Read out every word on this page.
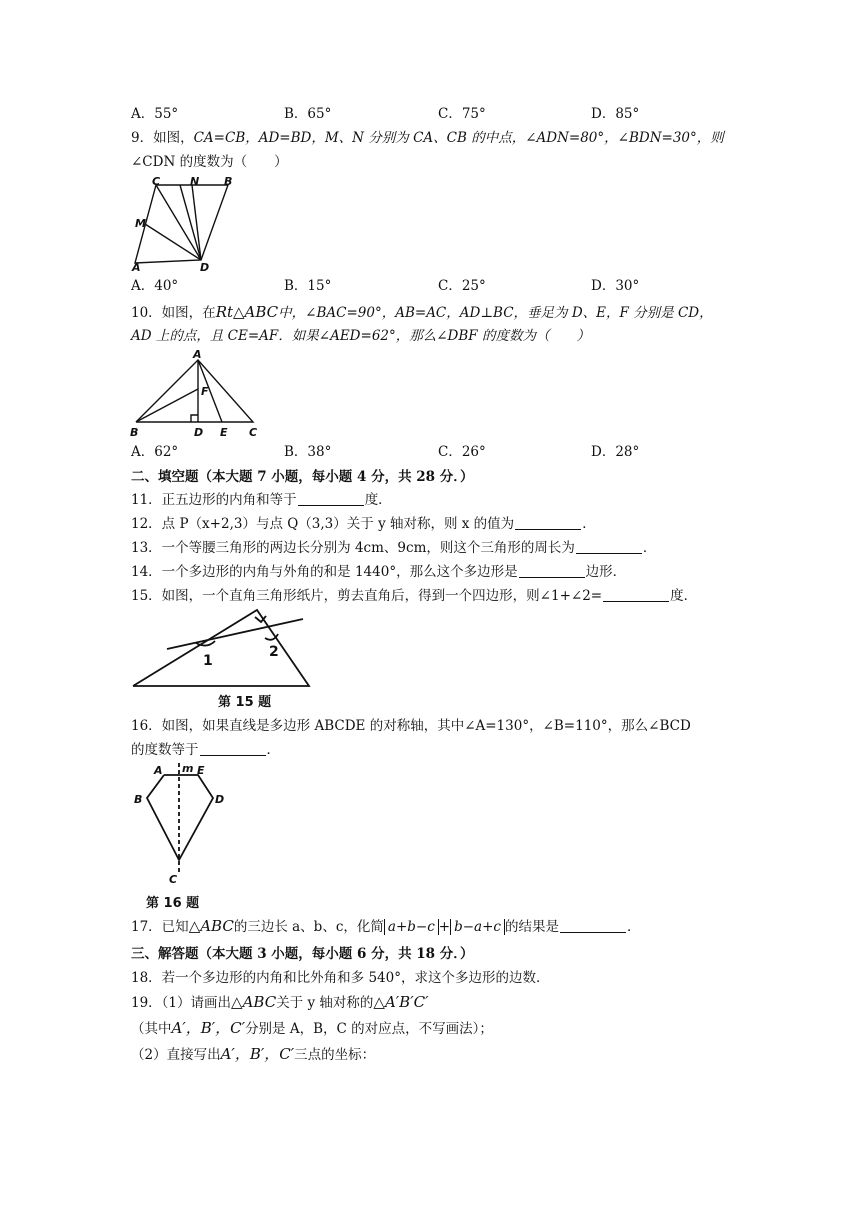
A．55°	B．65°	C．75°	D．85°
9．如图，CA=CB，AD=BD，M、N 分别为 CA、CB 的中点，∠ADN=80°，∠BDN=30°，则
∠CDN 的度数为（　　）
C	N B
M
A	D
A．40°	B．15°	C．25°	D．30°
10．如图，在Rt△ABC中，∠BAC=90°，AB=AC，AD⊥BC，垂足为 D、E，F 分别是 CD，
AD 上的点，且 CE=AF．如果∠AED=62°，那么∠DBF 的度数为（　　）
A
F
B	D E C
A．62°	B．38°	C．26°	D．28°
二、填空题（本大题 7 小题，每小题 4 分，共 28 分．）
11．正五边形的内角和等于	度．
12．点 P（x+2,3）与点 Q（3,3）关于 y 轴对称，则 x 的值为	．
13．一个等腰三角形的两边长分别为 4cm、9cm，则这个三角形的周长为	．
14．一个多边形的内角与外角的和是 1440°，那么这个多边形是	边形．
15．如图，一个直角三角形纸片，剪去直角后，得到一个四边形，则∠1+∠2=	度．
1
2
第 15 题
16．如图，如果直线是多边形 ABCDE 的对称轴，其中∠A=130°，∠B=110°，那么∠BCD
的度数等于	．
A m E
B	D
C
第 16 题
17．已知△ABC的三边长 a、b、c，化简 a+b−c + b−a+c 的结果是	．
三、解答题（本大题 3 小题，每小题 6 分，共 18 分．）
18．若一个多边形的内角和比外角和多 540°，求这个多边形的边数．
19．（1）请画出△ABC关于 y 轴对称的△A′B′C′
（其中A′，B′，C′分别是 A，B，C 的对应点，不写画法）；
（2）直接写出A′，B′，C′三点的坐标：
